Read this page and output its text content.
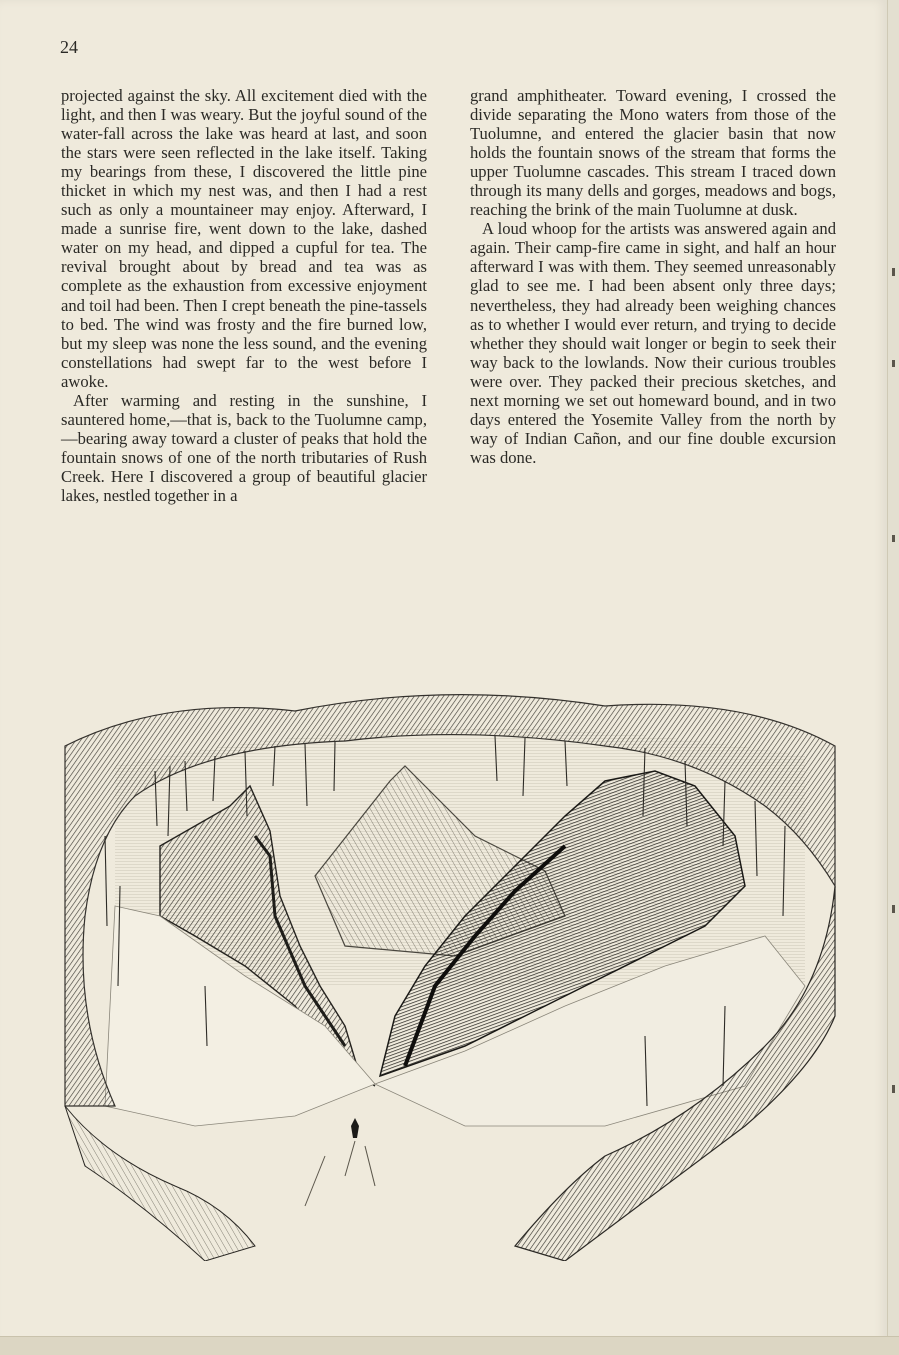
24

projected against the sky. All excitement died with the light, and then I was weary. But the joyful sound of the water-fall across the lake was heard at last, and soon the stars were seen reflected in the lake itself. Taking my bearings from these, I discovered the little pine thicket in which my nest was, and then I had a rest such as only a mountaineer may enjoy. Afterward, I made a sunrise fire, went down to the lake, dashed water on my head, and dipped a cupful for tea. The revival brought about by bread and tea was as complete as the exhaustion from excessive enjoyment and toil had been. Then I crept beneath the pine-tassels to bed. The wind was frosty and the fire burned low, but my sleep was none the less sound, and the evening constellations had swept far to the west before I awoke.

After warming and resting in the sunshine, I sauntered home,—that is, back to the Tuolumne camp,—bearing away toward a cluster of peaks that hold the fountain snows of one of the north tributaries of Rush Creek. Here I discovered a group of beautiful glacier lakes, nestled together in a

grand amphitheater. Toward evening, I crossed the divide separating the Mono waters from those of the Tuolumne, and entered the glacier basin that now holds the fountain snows of the stream that forms the upper Tuolumne cascades. This stream I traced down through its many dells and gorges, meadows and bogs, reaching the brink of the main Tuolumne at dusk.

A loud whoop for the artists was answered again and again. Their camp-fire came in sight, and half an hour afterward I was with them. They seemed unreasonably glad to see me. I had been absent only three days; nevertheless, they had already been weighing chances as to whether I would ever return, and trying to decide whether they should wait longer or begin to seek their way back to the lowlands. Now their curious troubles were over. They packed their precious sketches, and next morning we set out homeward bound, and in two days entered the Yosemite Valley from the north by way of Indian Cañon, and our fine double excursion was done.
